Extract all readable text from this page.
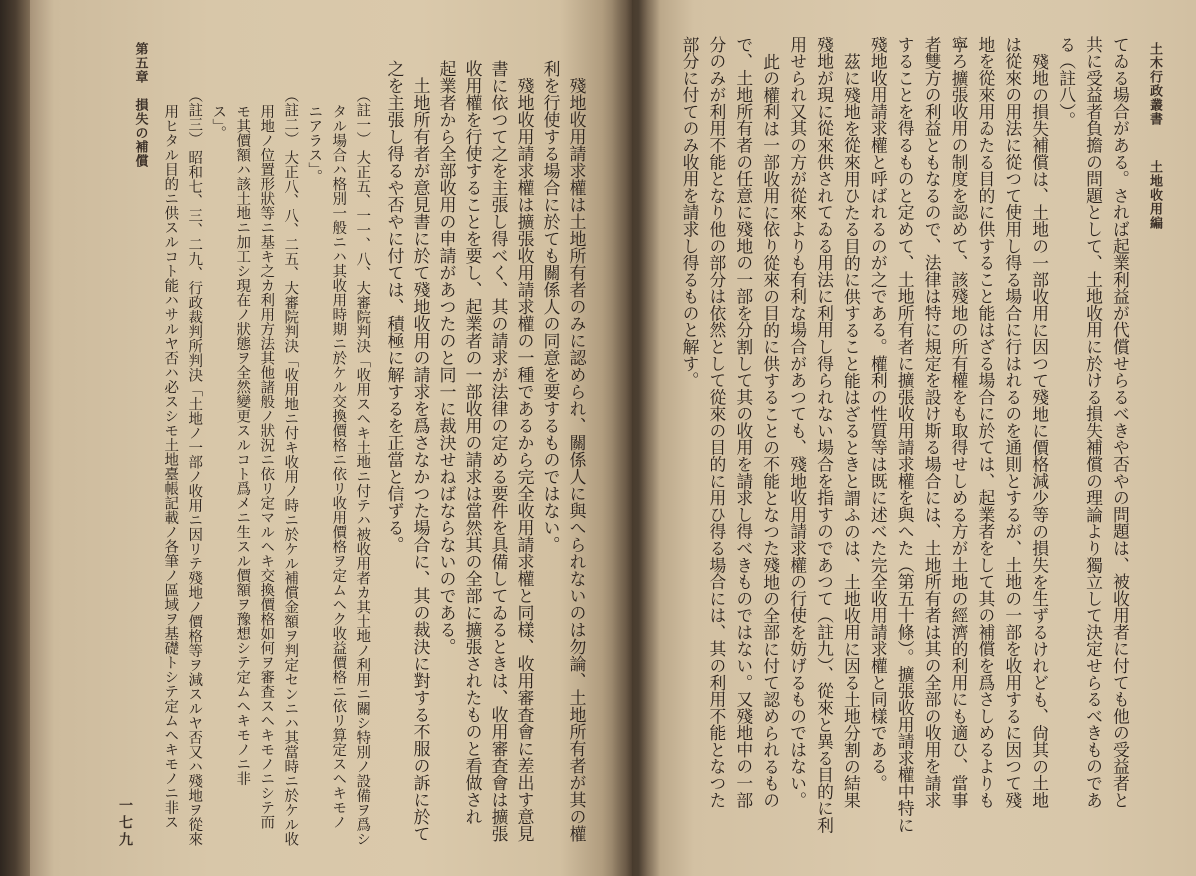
土木行政叢書
土地收用編
てゐる場合がある。されば起業利益が代償せらるべきや否やの問題は、被收用者に付ても他の受益者と
共に受益者負擔の問題として、土地收用に於ける損失補償の理論より獨立して決定せらるべきものであ
る（註八）。
殘地の損失補償は、土地の一部收用に因つて殘地に價格減少等の損失を生ずるけれども、尙其の土地
は從來の用法に從つて使用し得る場合に行はれるのを通則とするが、土地の一部を收用するに因つて殘
地を從來用ゐたる目的に供すること能はざる場合に於ては、起業者をして其の補償を爲さしめるよりも
寧ろ擴張收用の制度を認めて、該殘地の所有權をも取得せしめる方が土地の經濟的利用にも適ひ、當事
者雙方の利益ともなるので、法律は特に規定を設け斯る場合には、土地所有者は其の全部の收用を請求
することを得るものと定めて、土地所有者に擴張收用請求權を與へた（第五十條）。擴張收用請求權中特に
殘地收用請求權と呼ばれるのが之である。權利の性質等は既に述べた完全收用請求權と同樣である。
茲に殘地を從來用ひたる目的に供すること能はざるときと謂ふのは、土地收用に因る土地分割の結果
殘地が現に從來供されてゐる用法に利用し得られない場合を指すのであつて（註九）、從來と異る目的に利
用せられ又其の方が從來よりも有利な場合があつても、殘地收用請求權の行使を妨げるものではない。
此の權利は一部收用に依り從來の目的に供することの不能となつた殘地の全部に付て認められるもの
で、土地所有者の任意に殘地の一部を分割して其の收用を請求し得べきものではない。又殘地中の一部
分のみが利用不能となり他の部分は依然として從來の目的に用ひ得る場合には、其の利用不能となつた
部分に付てのみ收用を請求し得るものと解す。
殘地收用請求權は土地所有者のみに認められ、關係人に與へられないのは勿論、土地所有者が其の權
利を行使する場合に於ても關係人の同意を要するものではない。
殘地收用請求權は擴張收用請求權の一種であるから完全收用請求權と同樣、收用審査會に差出す意見
書に依つて之を主張し得べく、其の請求が法律の定める要件を具備してゐるときは、收用審査會は擴張
收用權を行使することを要し、起業者の一部收用の請求は當然其の全部に擴張されたものと看做され
起業者から全部收用の申請があつたのと同一に裁決せねばならないのである。
土地所有者が意見書に於て殘地收用の請求を爲さなかつた場合に、其の裁決に對する不服の訴に於て
之を主張し得るや否やに付ては、積極に解するを正當と信ずる。
（註一）
大正五、一一、八、大審院判決「收用スヘキ土地ニ付テハ被收用者カ其土地ノ利用ニ關シ特別ノ設備ヲ爲シ
タル場合ハ格別一般ニハ其收用時期ニ於ケル交換價格ニ依リ收用價格ヲ定ムヘク收益價格ニ依リ算定スヘキモノ
ニアラス」。
（註二）
大正八、八、二五、大審院判決「收用地ニ付キ收用ノ時ニ於ケル補償金額ヲ判定センニハ其當時ニ於ケル收
用地ノ位置形狀等ニ基キ之カ利用方法其他諸般ノ狀況ニ依リ定マルヘキ交換價格如何ヲ審査スヘキモノニシテ而
モ其價額ハ該土地ニ加工シ現在ノ狀態ヲ全然變更スルコト爲メニ生スル價額ヲ豫想シテ定ムヘキモノニ非
ス」。
（註三）
昭和七、三、二九、行政裁判所判決「土地ノ一部ノ收用ニ因リテ殘地ノ價格等ヲ減スルヤ否又ハ殘地ヲ從來
用ヒタル目的ニ供スルコト能ハサルヤ否ハ必スシモ土地臺帳記載ノ各筆ノ區域ヲ基礎トシテ定ムヘキモノニ非ス
第五章　損失の補償
一七九
